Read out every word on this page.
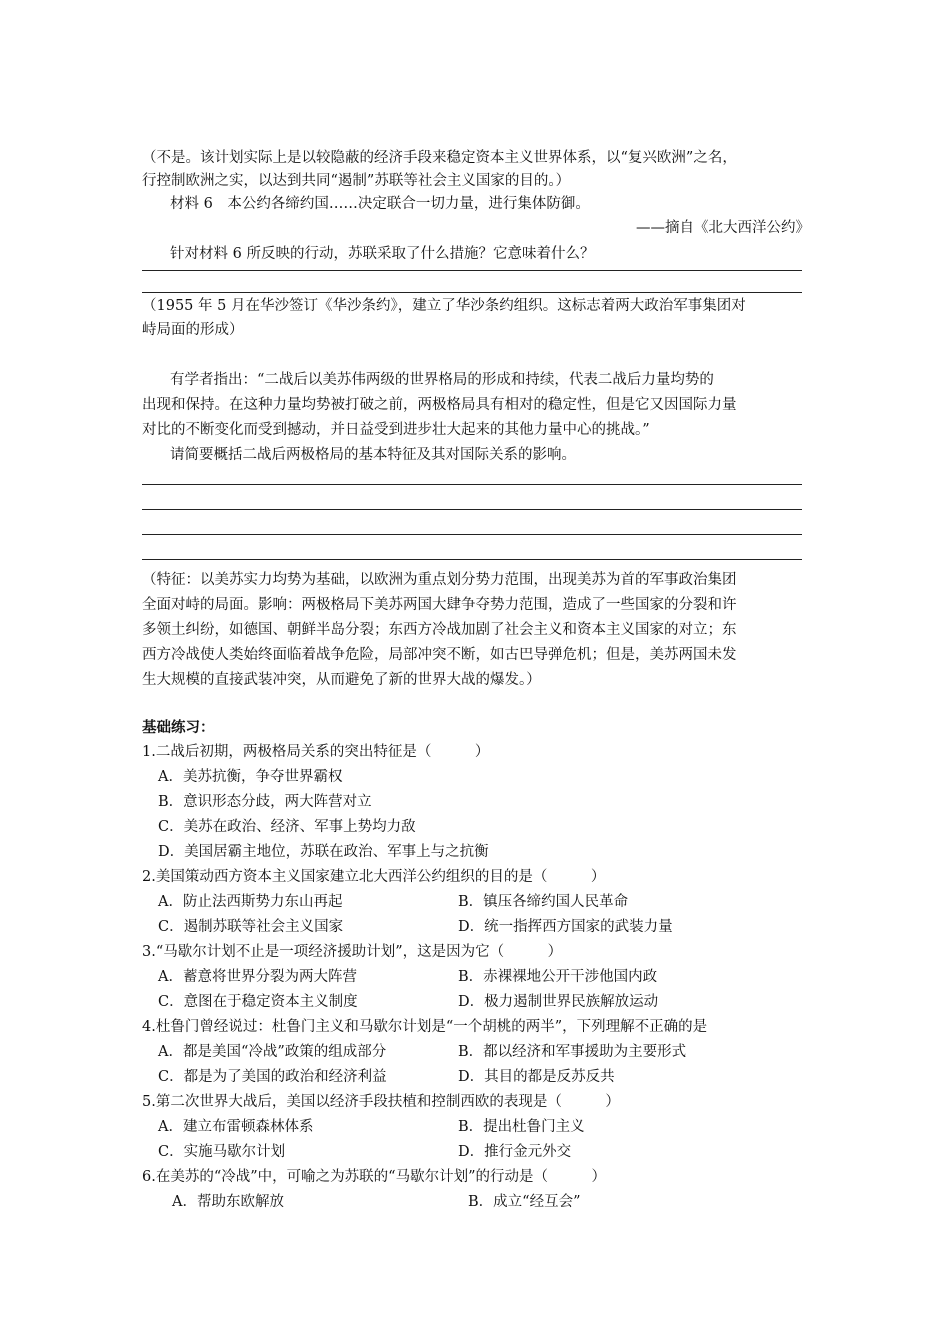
（不是。该计划实际上是以较隐蔽的经济手段来稳定资本主义世界体系，以“复兴欧洲”之名，
行控制欧洲之实，以达到共同“遏制”苏联等社会主义国家的目的。）
材料 6　本公约各缔约国……决定联合一切力量，进行集体防御。
——摘自《北大西洋公约》
针对材料 6 所反映的行动，苏联采取了什么措施？它意味着什么？
（1955 年 5 月在华沙签订《华沙条约》，建立了华沙条约组织。这标志着两大政治军事集团对
峙局面的形成）
有学者指出：“二战后以美苏伟两级的世界格局的形成和持续，代表二战后力量均势的
出现和保持。在这种力量均势被打破之前，两极格局具有相对的稳定性，但是它又因国际力量
对比的不断变化而受到撼动，并日益受到进步壮大起来的其他力量中心的挑战。”
请简要概括二战后两极格局的基本特征及其对国际关系的影响。
（特征：以美苏实力均势为基础，以欧洲为重点划分势力范围，出现美苏为首的军事政治集团
全面对峙的局面。影响：两极格局下美苏两国大肆争夺势力范围，造成了一些国家的分裂和许
多领土纠纷，如德国、朝鲜半岛分裂；东西方冷战加剧了社会主义和资本主义国家的对立；东
西方冷战使人类始终面临着战争危险，局部冲突不断，如古巴导弹危机；但是，美苏两国未发
生大规模的直接武装冲突，从而避免了新的世界大战的爆发。）
基础练习：
1.二战后初期，两极格局关系的突出特征是（　　　）
A．美苏抗衡，争夺世界霸权
B．意识形态分歧，两大阵营对立
C．美苏在政治、经济、军事上势均力敌
D．美国居霸主地位，苏联在政治、军事上与之抗衡
2.美国策动西方资本主义国家建立北大西洋公约组织的目的是（　　　）
A．防止法西斯势力东山再起	B．镇压各缔约国人民革命
C．遏制苏联等社会主义国家	D．统一指挥西方国家的武装力量
3.“马歇尔计划不止是一项经济援助计划”，这是因为它（　　　）
A．蓄意将世界分裂为两大阵营	B．赤裸裸地公开干涉他国内政
C．意图在于稳定资本主义制度	D．极力遏制世界民族解放运动
4.杜鲁门曾经说过：杜鲁门主义和马歇尔计划是“一个胡桃的两半”，下列理解不正确的是
A．都是美国“冷战”政策的组成部分	B．都以经济和军事援助为主要形式
C．都是为了美国的政治和经济利益	D．其目的都是反苏反共
5.第二次世界大战后，美国以经济手段扶植和控制西欧的表现是（　　　）
A．建立布雷顿森林体系	B．提出杜鲁门主义
C．实施马歇尔计划	D．推行金元外交
6.在美苏的“冷战”中，可喻之为苏联的“马歇尔计划”的行动是（　　　）
A．帮助东欧解放	B．成立“经互会”
